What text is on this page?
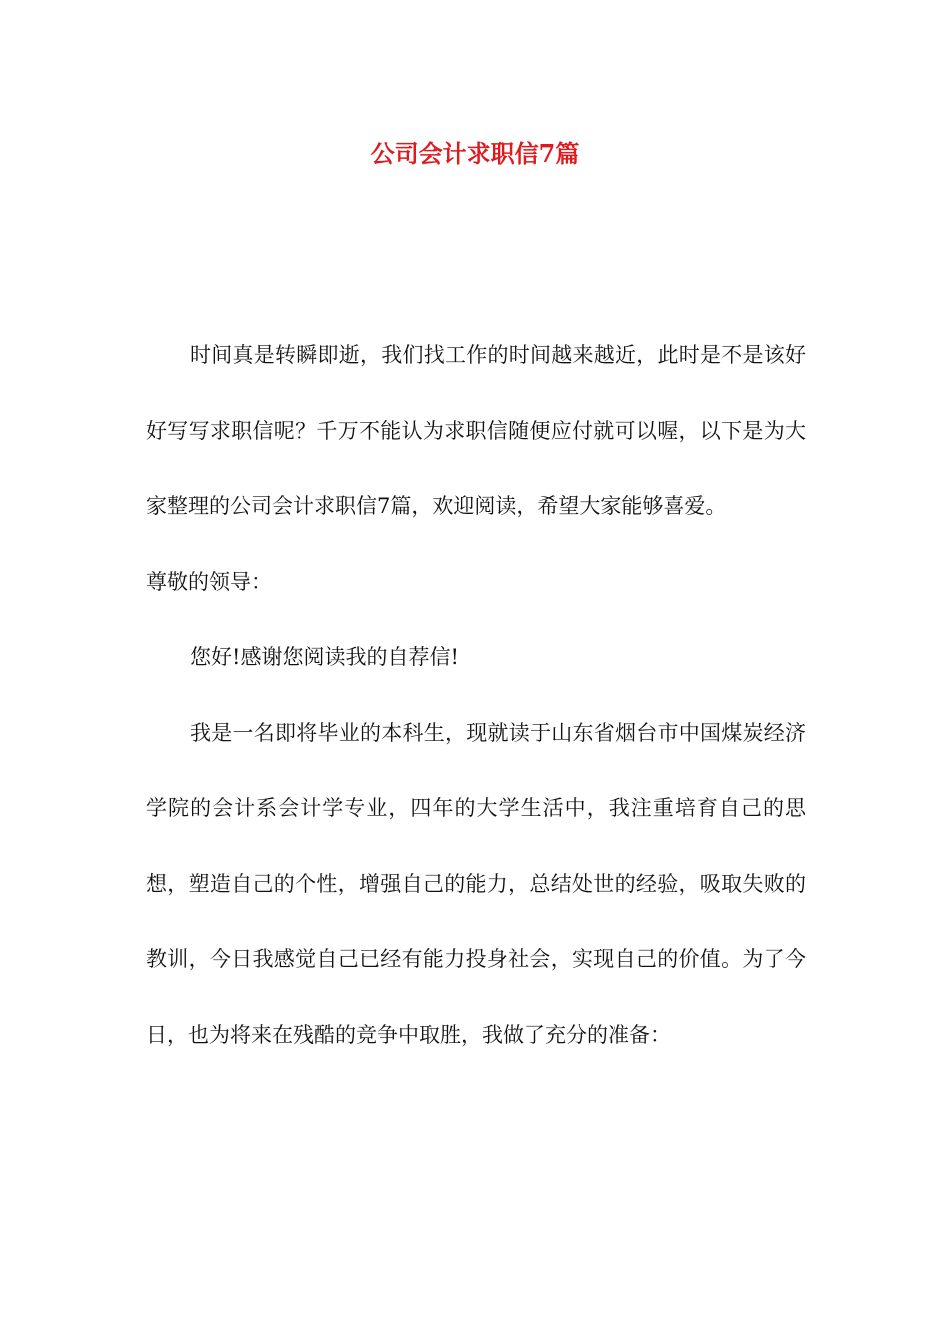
公司会计求职信7篇

时间真是转瞬即逝，我们找工作的时间越来越近，此时是不是该好好写写求职信呢？千万不能认为求职信随便应付就可以喔，以下是为大家整理的公司会计求职信7篇，欢迎阅读，希望大家能够喜爱。

尊敬的领导：

您好!感谢您阅读我的自荐信!

我是一名即将毕业的本科生，现就读于山东省烟台市中国煤炭经济学院的会计系会计学专业，四年的大学生活中，我注重培育自己的思想，塑造自己的个性，增强自己的能力，总结处世的经验，吸取失败的教训，今日我感觉自己已经有能力投身社会，实现自己的价值。为了今日，也为将来在残酷的竞争中取胜，我做了充分的准备：
